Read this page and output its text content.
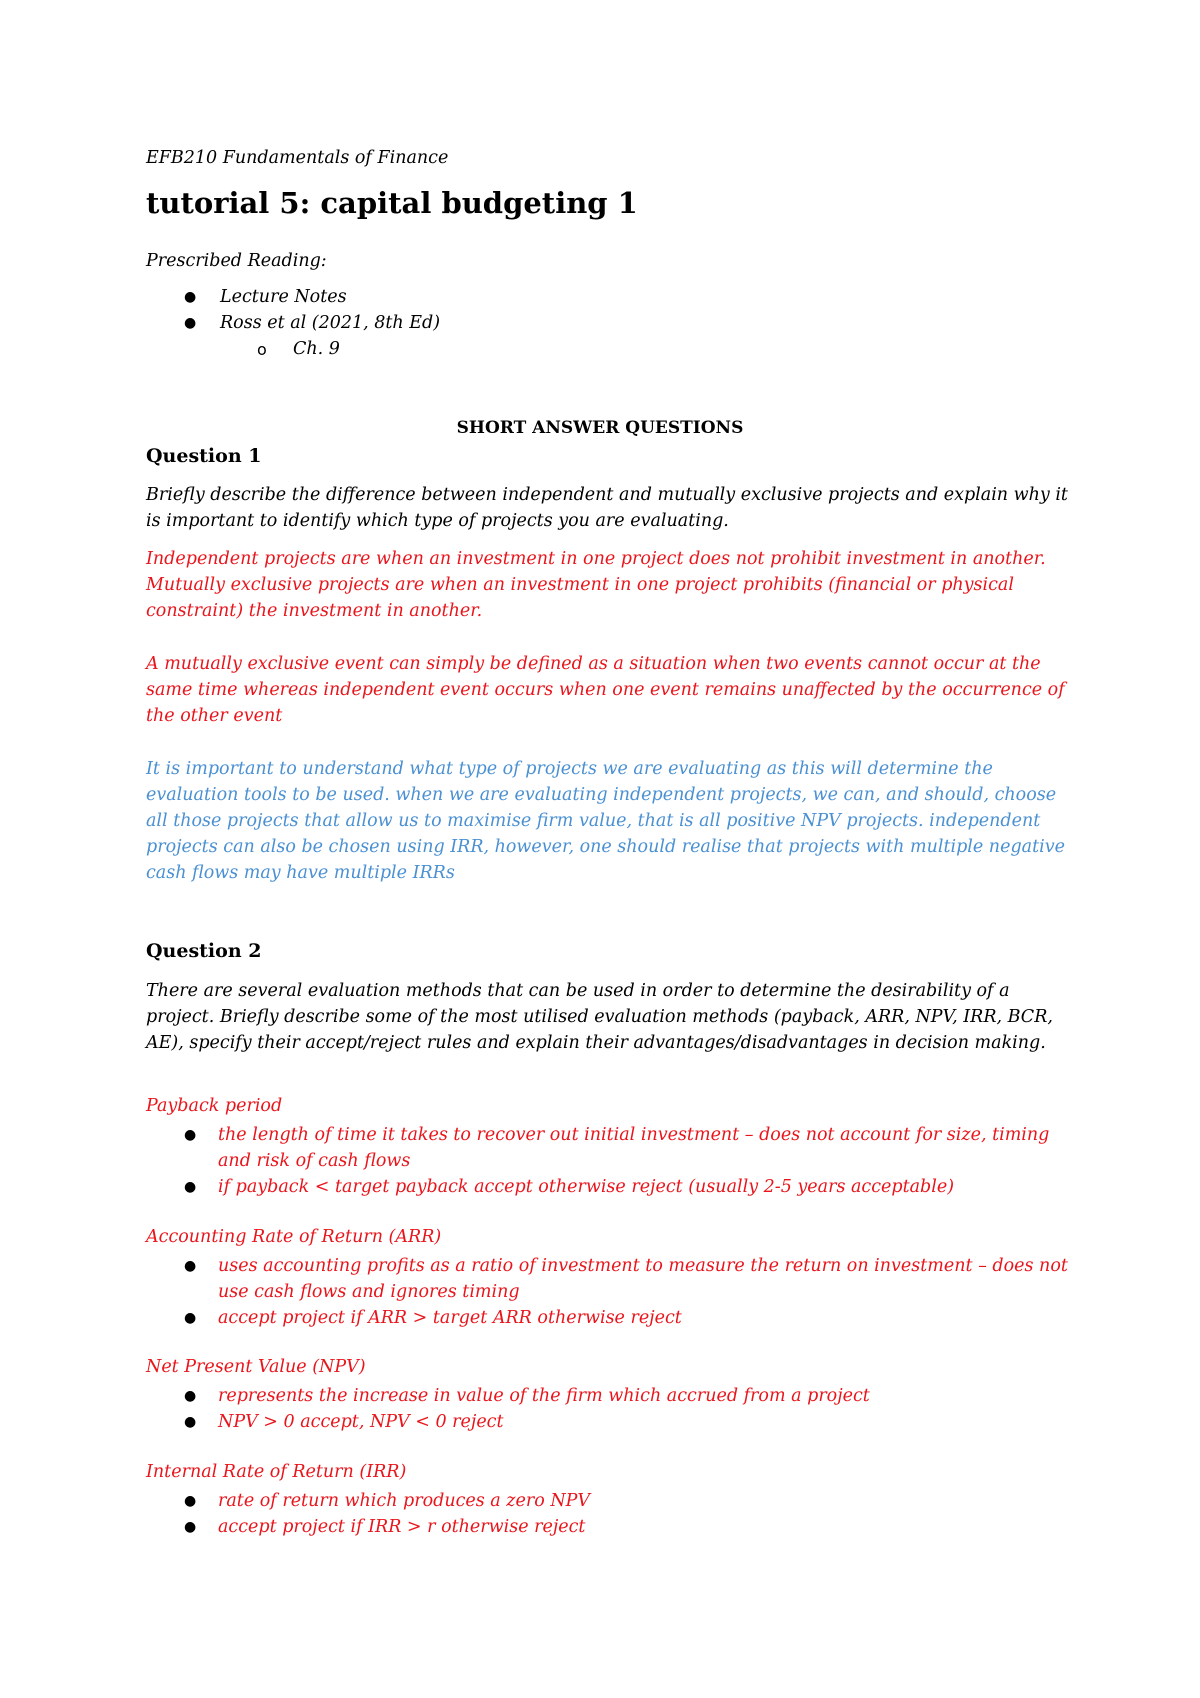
EFB210 Fundamentals of Finance
tutorial 5: capital budgeting 1
Prescribed Reading:
● Lecture Notes
● Ross et al (2021, 8th Ed)
o Ch. 9
SHORT ANSWER QUESTIONS
Question 1

Briefly describe the difference between independent and mutually exclusive projects and explain why it is important to identify which type of projects you are evaluating.

Independent projects are when an investment in one project does not prohibit investment in another. Mutually exclusive projects are when an investment in one project prohibits (financial or physical constraint) the investment in another.

A mutually exclusive event can simply be defined as a situation when two events cannot occur at the same time whereas independent event occurs when one event remains unaffected by the occurrence of the other event

It is important to understand what type of projects we are evaluating as this will determine the evaluation tools to be used. when we are evaluating independent projects, we can, and should, choose all those projects that allow us to maximise firm value, that is all positive NPV projects. independent projects can also be chosen using IRR, however, one should realise that projects with multiple negative cash flows may have multiple IRRs

Question 2

There are several evaluation methods that can be used in order to determine the desirability of a project. Briefly describe some of the most utilised evaluation methods (payback, ARR, NPV, IRR, BCR, AE), specify their accept/reject rules and explain their advantages/disadvantages in decision making.

Payback period
● the length of time it takes to recover out initial investment – does not account for size, timing and risk of cash flows
● if payback < target payback accept otherwise reject (usually 2-5 years acceptable)
Accounting Rate of Return (ARR)
● uses accounting profits as a ratio of investment to measure the return on investment – does not use cash flows and ignores timing
● accept project if ARR > target ARR otherwise reject
Net Present Value (NPV)
● represents the increase in value of the firm which accrued from a project
● NPV > 0 accept, NPV < 0 reject
Internal Rate of Return (IRR)
● rate of return which produces a zero NPV
● accept project if IRR > r otherwise reject
